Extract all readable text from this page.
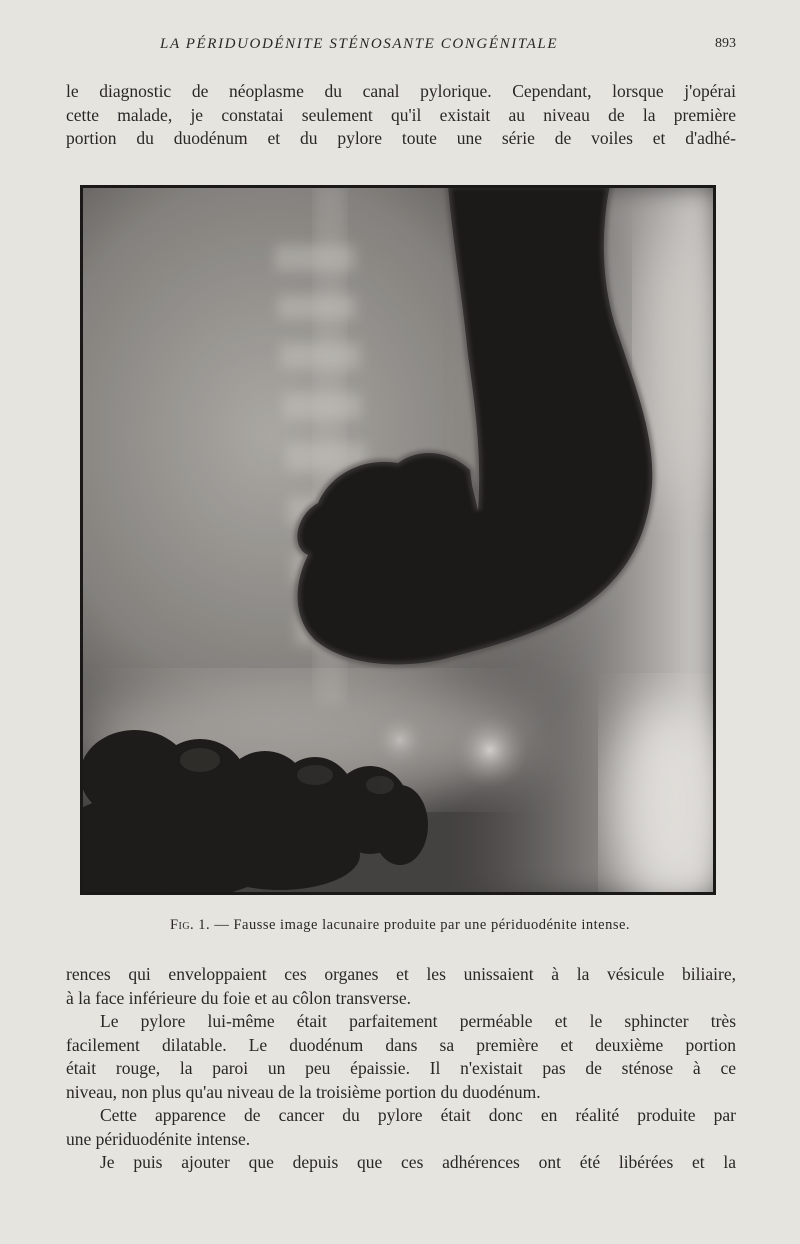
LA PÉRIDUODÉNITE STÉNOSANTE CONGÉNITALE	893
le diagnostic de néoplasme du canal pylorique. Cependant, lorsque j'opérai
cette malade, je constatai seulement qu'il existait au niveau de la première
portion du duodénum et du pylore toute une série de voiles et d'adhé-
Fig. 1. — Fausse image lacunaire produite par une périduodénite intense.
rences qui enveloppaient ces organes et les unissaient à la vésicule biliaire,
à la face inférieure du foie et au côlon transverse.
Le pylore lui-même était parfaitement perméable et le sphincter très
facilement dilatable. Le duodénum dans sa première et deuxième portion
était rouge, la paroi un peu épaissie. Il n'existait pas de sténose à ce
niveau, non plus qu'au niveau de la troisième portion du duodénum.
Cette apparence de cancer du pylore était donc en réalité produite par
une périduodénite intense.
Je puis ajouter que depuis que ces adhérences ont été libérées et la
